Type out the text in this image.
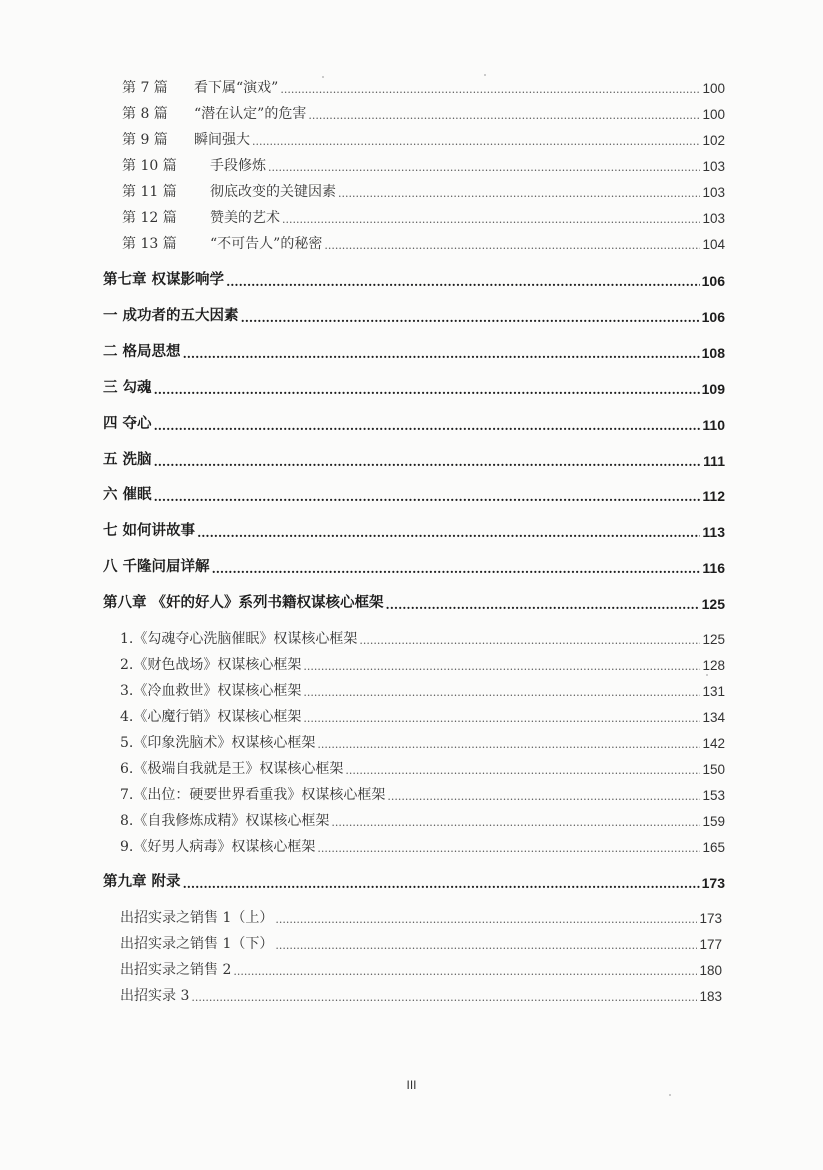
第 7 篇 看下属“演戏” .....	100
第 8 篇 “潜在认定”的危害 .....	100
第 9 篇 瞬间强大 .....	102
第 10 篇 手段修炼 .....	103
第 11 篇 彻底改变的关键因素 .....	103
第 12 篇 赞美的艺术 .....	103
第 13 篇 “不可告人”的秘密 .....	104
第七章 权谋影响学 .....	106
一 成功者的五大因素 .....	106
二 格局思想 .....	108
三 勾魂 .....	109
四 夺心 .....	110
五 洗脑 .....	111
六 催眠 .....	112
七 如何讲故事 .....	113
八 千隆问屇详解 .....	116
第八章 《奸的好人》系列书籍权谋核心框架 .....	125
1.《勾魂夺心洗脑催眠》权谋核心框架 .....	125
2.《财色战场》权谋核心框架 .....	128
3.《冷血救世》权谋核心框架 .....	131
4.《心魔行销》权谋核心框架 .....	134
5.《印象洗脑术》权谋核心框架 .....	142
6.《极端自我就是王》权谋核心框架 .....	150
7.《出位：硬要世界看重我》权谋核心框架 .....	153
8.《自我修炼成精》权谋核心框架 .....	159
9.《好男人病毒》权谋核心框架 .....	165
第九章 附录 .....	173
出招实录之销售 1（上） .....	173
出招实录之销售 1（下） .....	177
出招实录之销售 2 .....	180
出招实录 3 .....	183
III
